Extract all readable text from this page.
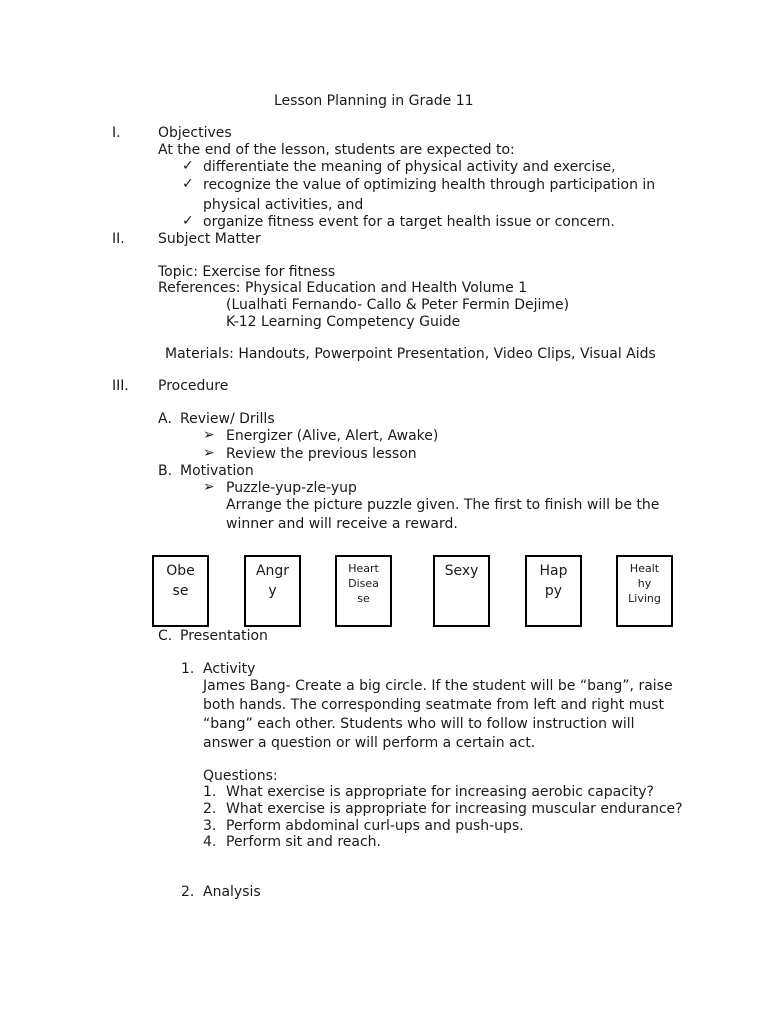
Lesson Planning in Grade 11
I.	Objectives
At the end of the lesson, students are expected to:
✓ differentiate the meaning of physical activity and exercise,
✓ recognize the value of optimizing health through participation in
physical activities, and
✓ organize fitness event for a target health issue or concern.
II. Subject Matter
Topic: Exercise for fitness
References: Physical Education and Health Volume 1
(Lualhati Fernando- Callo & Peter Fermin Dejime)
K-12 Learning Competency Guide
Materials: Handouts, Powerpoint Presentation, Video Clips, Visual Aids
III. Procedure
A. Review/ Drills
➢ Energizer (Alive, Alert, Awake)
➢ Review the previous lesson
B. Motivation
➢ Puzzle-yup-zle-yup
Arrange the picture puzzle given. The first to finish will be the
winner and will receive a reward.
Obe
se
Angr
y
Heart
Disea
se
Sexy	Hap
py
Healt
hy
Living
C. Presentation
1. Activity
James Bang- Create a big circle. If the student will be “bang”, raise
both hands. The corresponding seatmate from left and right must
“bang” each other. Students who will to follow instruction will
answer a question or will perform a certain act.
Questions:
1. What exercise is appropriate for increasing aerobic capacity?
2. What exercise is appropriate for increasing muscular endurance?
3. Perform abdominal curl-ups and push-ups.
4. Perform sit and reach.
2. Analysis
